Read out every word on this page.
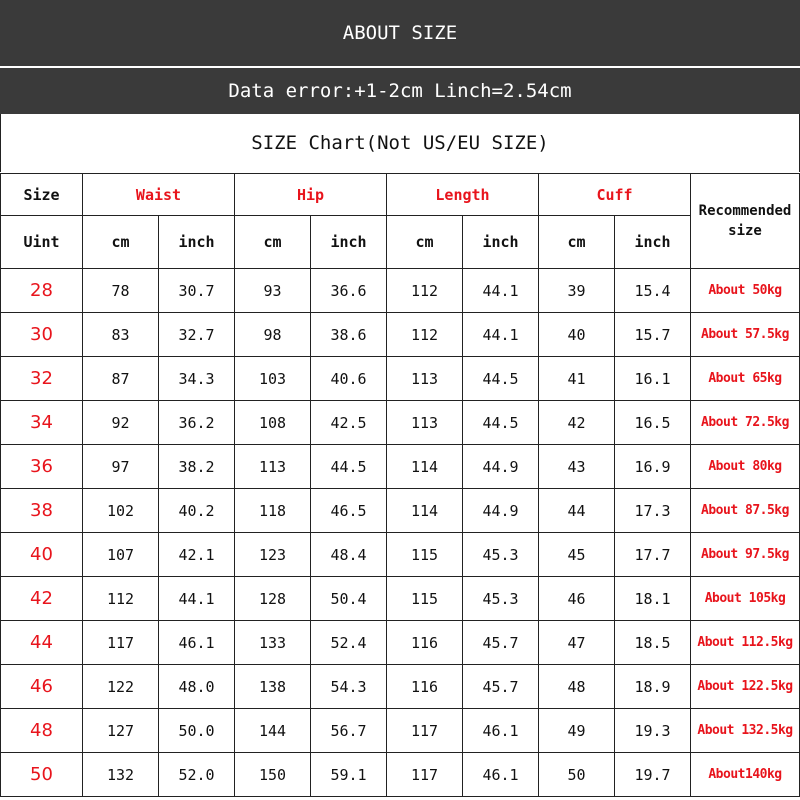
ABOUT SIZE
Data error:+1-2cm Linch=2.54cm
SIZE Chart(Not US/EU SIZE)
Size	Waist		Hip		Length		Cuff		Recommended size
Uint	cm	inch	cm	inch	cm	inch	cm	inch	
28	78	30.7	93	36.6	112	44.1	39	15.4	About 50kg
30	83	32.7	98	38.6	112	44.1	40	15.7	About 57.5kg
32	87	34.3	103	40.6	113	44.5	41	16.1	About 65kg
34	92	36.2	108	42.5	113	44.5	42	16.5	About 72.5kg
36	97	38.2	113	44.5	114	44.9	43	16.9	About 80kg
38	102	40.2	118	46.5	114	44.9	44	17.3	About 87.5kg
40	107	42.1	123	48.4	115	45.3	45	17.7	About 97.5kg
42	112	44.1	128	50.4	115	45.3	46	18.1	About 105kg
44	117	46.1	133	52.4	116	45.7	47	18.5	About 112.5kg
46	122	48.0	138	54.3	116	45.7	48	18.9	About 122.5kg
48	127	50.0	144	56.7	117	46.1	49	19.3	About 132.5kg
50	132	52.0	150	59.1	117	46.1	50	19.7	About140kg
